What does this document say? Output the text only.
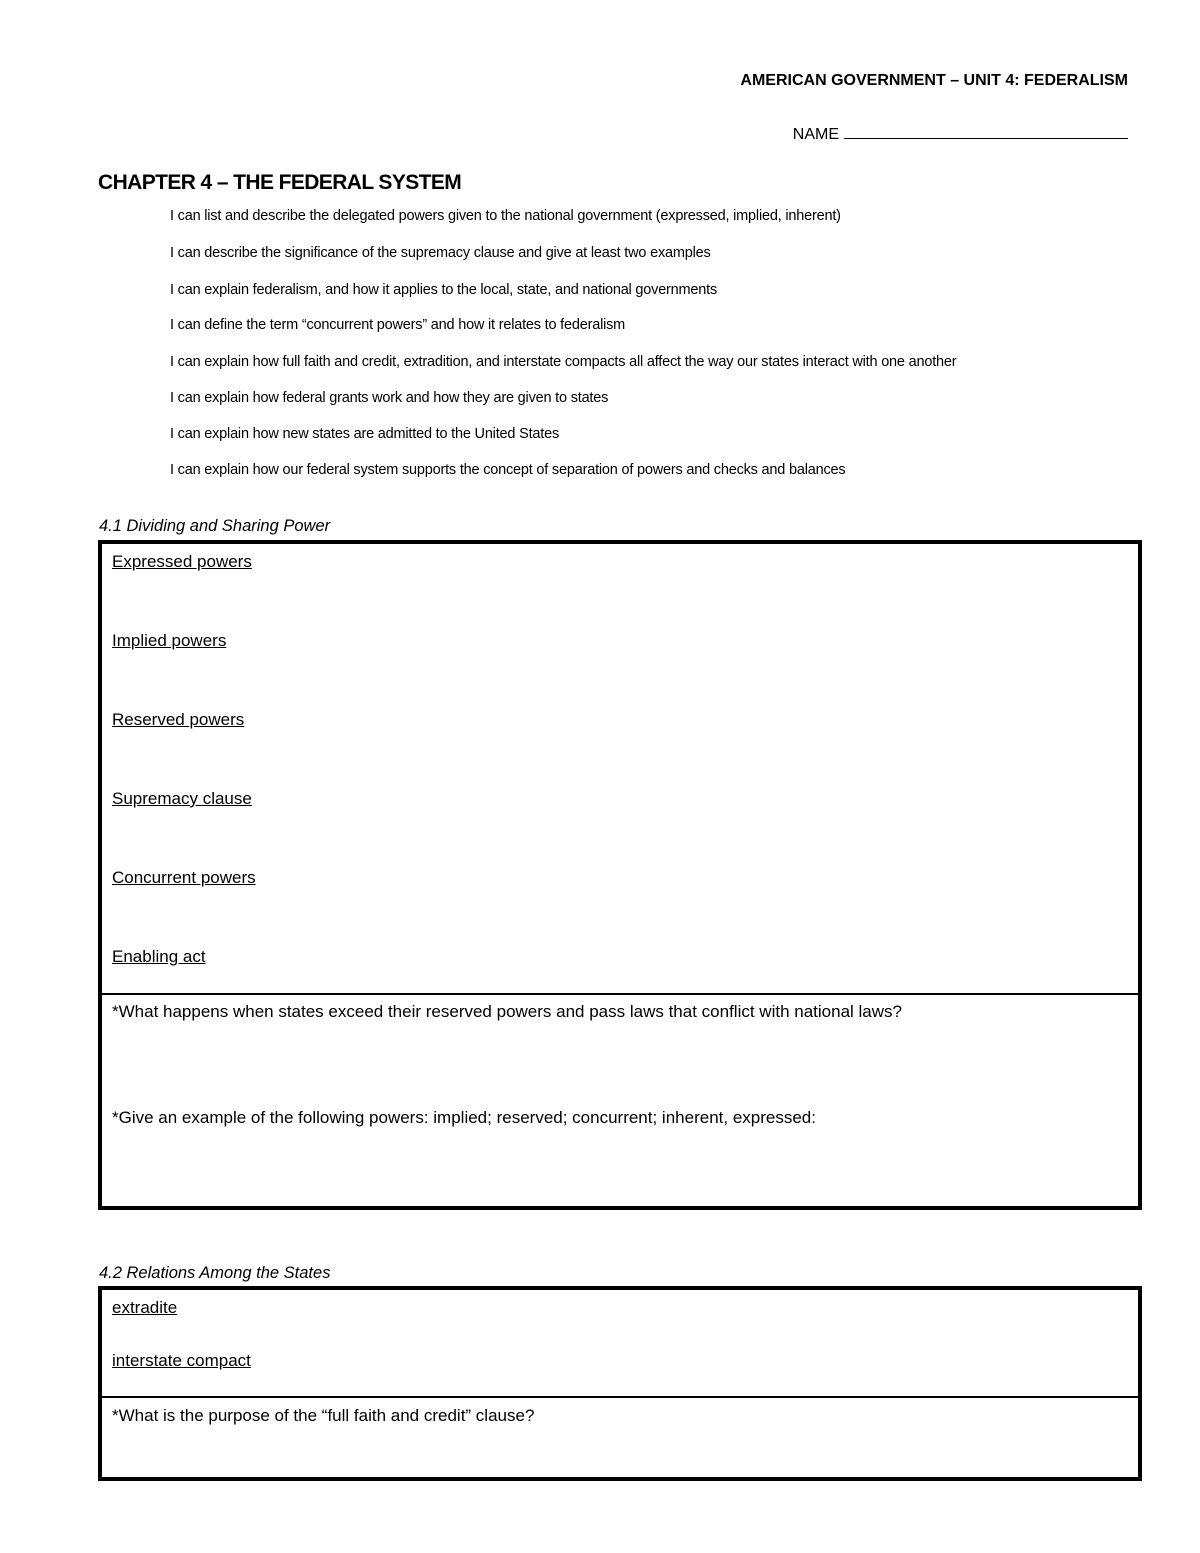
AMERICAN GOVERNMENT – UNIT 4: FEDERALISM
NAME
CHAPTER 4 – THE FEDERAL SYSTEM
I can list and describe the delegated powers given to the national government (expressed, implied, inherent)
I can describe the significance of the supremacy clause and give at least two examples
I can explain federalism, and how it applies to the local, state, and national governments
I can define the term “concurrent powers” and how it relates to federalism
I can explain how full faith and credit, extradition, and interstate compacts all affect the way our states interact with one another
I can explain how federal grants work and how they are given to states
I can explain how new states are admitted to the United States
I can explain how our federal system supports the concept of separation of powers and checks and balances
4.1 Dividing and Sharing Power
Expressed powers
Implied powers
Reserved powers
Supremacy clause
Concurrent powers
Enabling act
*What happens when states exceed their reserved powers and pass laws that conflict with national laws?
*Give an example of the following powers: implied; reserved; concurrent; inherent, expressed:
4.2 Relations Among the States
extradite
interstate compact
*What is the purpose of the “full faith and credit” clause?
